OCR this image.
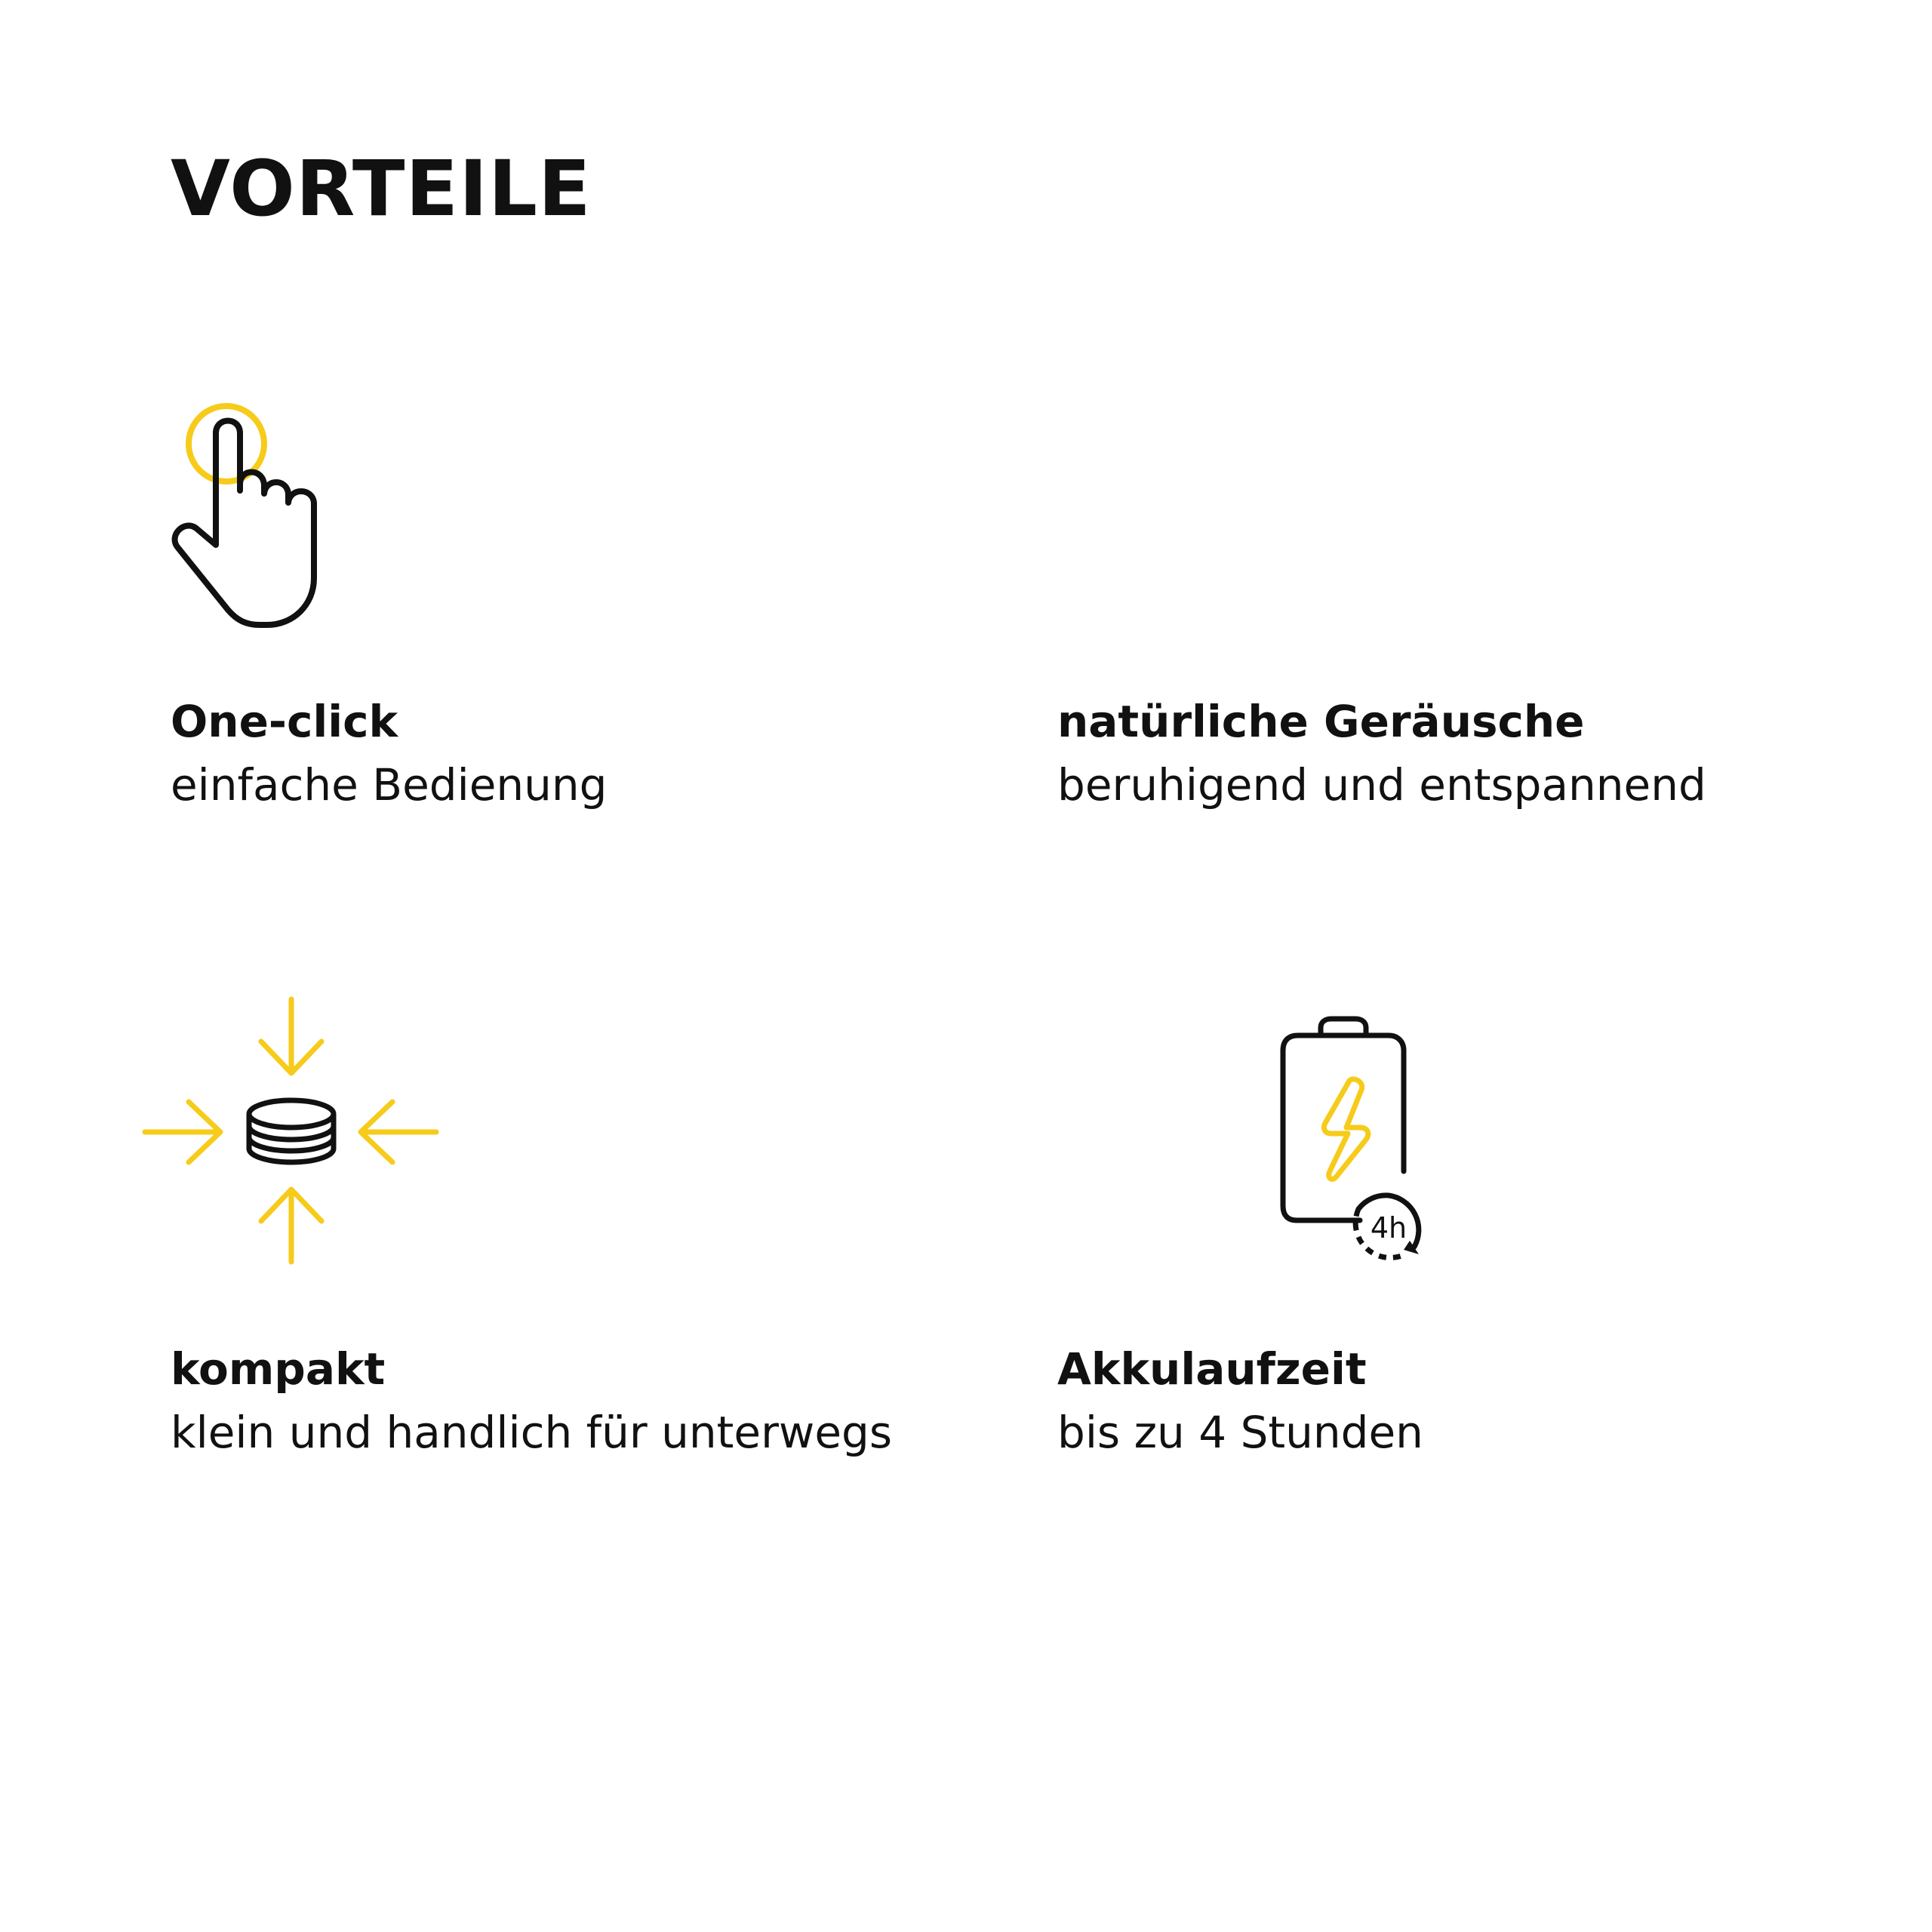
VORTEILE
4h

One-click

einfache Bedienung

natürliche Geräusche

beruhigend und entspannend

kompakt

klein und handlich für unterwegs

Akkulaufzeit

bis zu 4 Stunden
